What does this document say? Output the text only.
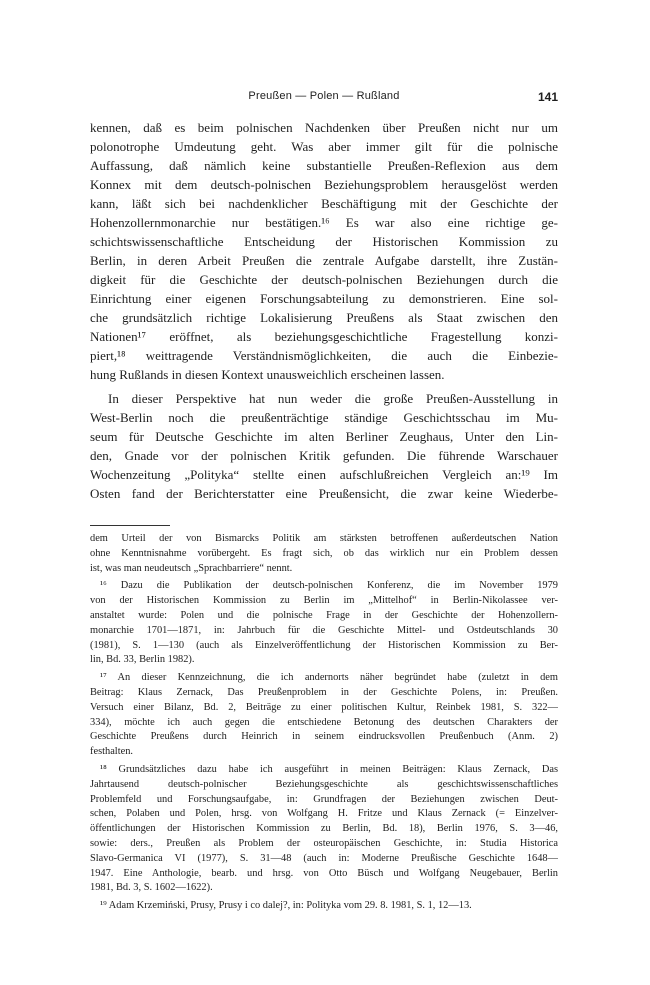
Preußen — Polen — Rußland	141
kennen, daß es beim polnischen Nachdenken über Preußen nicht nur um
polonotrophe Umdeutung geht. Was aber immer gilt für die polnische
Auffassung, daß nämlich keine substantielle Preußen-Reflexion aus dem
Konnex mit dem deutsch-polnischen Beziehungsproblem herausgelöst werden
kann, läßt sich bei nachdenklicher Beschäftigung mit der Geschichte der
Hohenzollernmonarchie nur bestätigen.¹⁶ Es war also eine richtige ge-
schichtswissenschaftliche Entscheidung der Historischen Kommission zu
Berlin, in deren Arbeit Preußen die zentrale Aufgabe darstellt, ihre Zustän-
digkeit für die Geschichte der deutsch-polnischen Beziehungen durch die
Einrichtung einer eigenen Forschungsabteilung zu demonstrieren. Eine sol-
che grundsätzlich richtige Lokalisierung Preußens als Staat zwischen den
Nationen¹⁷ eröffnet, als beziehungsgeschichtliche Fragestellung konzi-
piert,¹⁸ weittragende Verständnismöglichkeiten, die auch die Einbezie-
hung Rußlands in diesen Kontext unausweichlich erscheinen lassen.
In dieser Perspektive hat nun weder die große Preußen-Ausstellung in
West-Berlin noch die preußenträchtige ständige Geschichtsschau im Mu-
seum für Deutsche Geschichte im alten Berliner Zeughaus, Unter den Lin-
den, Gnade vor der polnischen Kritik gefunden. Die führende Warschauer
Wochenzeitung „Polityka“ stellte einen aufschlußreichen Vergleich an:¹⁹ Im
Osten fand der Berichterstatter eine Preußensicht, die zwar keine Wiederbe-
dem Urteil der von Bismarcks Politik am stärksten betroffenen außerdeutschen Nation
ohne Kenntnisnahme vorübergeht. Es fragt sich, ob das wirklich nur ein Problem dessen
ist, was man neudeutsch „Sprachbarriere“ nennt.
¹⁶ Dazu die Publikation der deutsch-polnischen Konferenz, die im November 1979
von der Historischen Kommission zu Berlin im „Mittelhof“ in Berlin-Nikolassee ver-
anstaltet wurde: Polen und die polnische Frage in der Geschichte der Hohenzollern-
monarchie 1701—1871, in: Jahrbuch für die Geschichte Mittel- und Ostdeutschlands 30
(1981), S. 1—130 (auch als Einzelveröffentlichung der Historischen Kommission zu Ber-
lin, Bd. 33, Berlin 1982).
¹⁷ An dieser Kennzeichnung, die ich andernorts näher begründet habe (zuletzt in dem
Beitrag: Klaus Zernack, Das Preußenproblem in der Geschichte Polens, in: Preußen.
Versuch einer Bilanz, Bd. 2, Beiträge zu einer politischen Kultur, Reinbek 1981, S. 322—
334), möchte ich auch gegen die entschiedene Betonung des deutschen Charakters der
Geschichte Preußens durch Heinrich in seinem eindrucksvollen Preußenbuch (Anm. 2)
festhalten.
¹⁸ Grundsätzliches dazu habe ich ausgeführt in meinen Beiträgen: Klaus Zernack, Das
Jahrtausend deutsch-polnischer Beziehungsgeschichte als geschichtswissenschaftliches
Problemfeld und Forschungsaufgabe, in: Grundfragen der Beziehungen zwischen Deut-
schen, Polaben und Polen, hrsg. von Wolfgang H. Fritze und Klaus Zernack (= Einzelver-
öffentlichungen der Historischen Kommission zu Berlin, Bd. 18), Berlin 1976, S. 3—46,
sowie: ders., Preußen als Problem der osteuropäischen Geschichte, in: Studia Historica
Slavo-Germanica VI (1977), S. 31—48 (auch in: Moderne Preußische Geschichte 1648—
1947. Eine Anthologie, bearb. und hrsg. von Otto Büsch und Wolfgang Neugebauer, Berlin
1981, Bd. 3, S. 1602—1622).
¹⁹ Adam Krzemiński, Prusy, Prusy i co dalej?, in: Polityka vom 29. 8. 1981, S. 1, 12—13.
